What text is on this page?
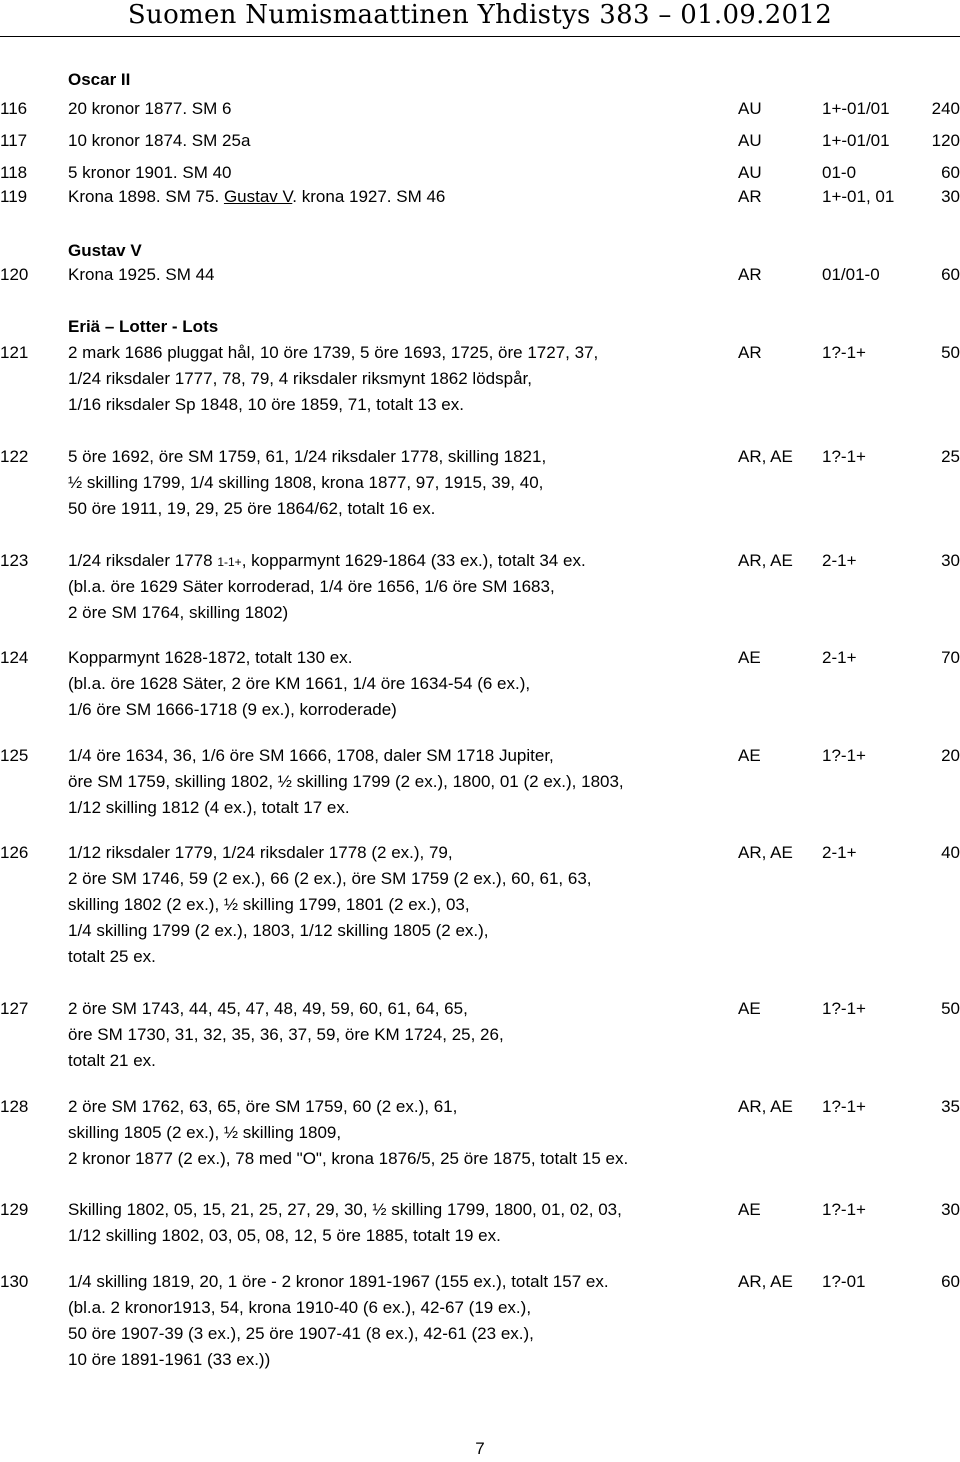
Suomen Numismaattinen Yhdistys 383 – 01.09.2012
Oscar II
Gustav V
Eriä – Lotter - Lots
116 20 kronor 1877. SM 6	AU	1+-01/01 240
117 10 kronor 1874. SM 25a	AU	1+-01/01 120
118 5 kronor 1901. SM 40	AU	01-0	60
119 Krona 1898. SM 75. Gustav V. krona 1927. SM 46	AR	1+-01, 01	30
120 Krona 1925. SM 44	AR	01/01-0	60
121 2 mark 1686 pluggat hål, 10 öre 1739, 5 öre 1693, 1725, öre 1727, 37,
1/24 riksdaler 1777, 78, 79, 4 riksdaler riksmynt 1862 lödspår,
1/16 riksdaler Sp 1848, 10 öre 1859, 71, totalt 13 ex.
AR	1?-1+	50
122 5 öre 1692, öre SM 1759, 61, 1/24 riksdaler 1778, skilling 1821,
½ skilling 1799, 1/4 skilling 1808, krona 1877, 97, 1915, 39, 40,
50 öre 1911, 19, 29, 25 öre 1864/62, totalt 16 ex.
AR, AE 1?-1+	25
123 1/24 riksdaler 1778 1-1+, kopparmynt 1629-1864 (33 ex.), totalt 34 ex.
(bl.a. öre 1629 Säter korroderad, 1/4 öre 1656, 1/6 öre SM 1683,
2 öre SM 1764, skilling 1802)
AR, AE 2-1+	30
124 Kopparmynt 1628-1872, totalt 130 ex.
(bl.a. öre 1628 Säter, 2 öre KM 1661, 1/4 öre 1634-54 (6 ex.),
1/6 öre SM 1666-1718 (9 ex.), korroderade)
AE	2-1+	70
125 1/4 öre 1634, 36, 1/6 öre SM 1666, 1708, daler SM 1718 Jupiter,
öre SM 1759, skilling 1802, ½ skilling 1799 (2 ex.), 1800, 01 (2 ex.), 1803,
1/12 skilling 1812 (4 ex.), totalt 17 ex.
AE	1?-1+	20
126 1/12 riksdaler 1779, 1/24 riksdaler 1778 (2 ex.), 79,
2 öre SM 1746, 59 (2 ex.), 66 (2 ex.), öre SM 1759 (2 ex.), 60, 61, 63,
skilling 1802 (2 ex.), ½ skilling 1799, 1801 (2 ex.), 03,
1/4 skilling 1799 (2 ex.), 1803, 1/12 skilling 1805 (2 ex.),
totalt 25 ex.
AR, AE 2-1+	40
127 2 öre SM 1743, 44, 45, 47, 48, 49, 59, 60, 61, 64, 65,
öre SM 1730, 31, 32, 35, 36, 37, 59, öre KM 1724, 25, 26,
totalt 21 ex.
AE	1?-1+	50
128 2 öre SM 1762, 63, 65, öre SM 1759, 60 (2 ex.), 61,
skilling 1805 (2 ex.), ½ skilling 1809,
2 kronor 1877 (2 ex.), 78 med "O", krona 1876/5, 25 öre 1875, totalt 15 ex.
AR, AE 1?-1+	35
129 Skilling 1802, 05, 15, 21, 25, 27, 29, 30, ½ skilling 1799, 1800, 01, 02, 03,
1/12 skilling 1802, 03, 05, 08, 12, 5 öre 1885, totalt 19 ex.
AE	1?-1+	30
130 1/4 skilling 1819, 20, 1 öre - 2 kronor 1891-1967 (155 ex.), totalt 157 ex.
(bl.a. 2 kronor1913, 54, krona 1910-40 (6 ex.), 42-67 (19 ex.),
50 öre 1907-39 (3 ex.), 25 öre 1907-41 (8 ex.), 42-61 (23 ex.),
10 öre 1891-1961 (33 ex.))
AR, AE 1?-01	60
7
